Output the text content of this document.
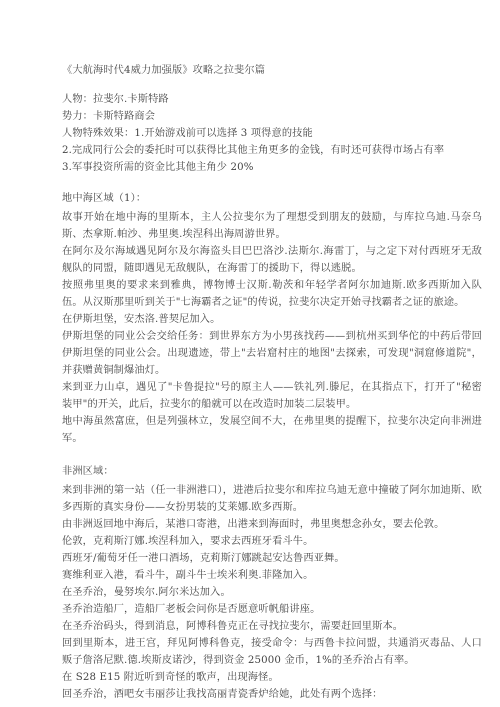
《大航海时代4威力加强版》攻略之拉斐尔篇

人物：拉斐尔.卡斯特路

势力：卡斯特路商会

人物特殊效果：1.开始游戏前可以选择 3 项得意的技能

2.完成同行公会的委托时可以获得比其他主角更多的金钱，有时还可获得市场占有率

3.军事投资所需的资金比其他主角少 20%

地中海区域（1）：

故事开始在地中海的里斯本，主人公拉斐尔为了理想受到朋友的鼓励，与库拉乌迪.马奈乌斯、杰拿斯.帕沙、弗里奥.埃涅科出海周游世界。

在阿尔及尔海域遇见阿尔及尔海盗头目巴巴洛沙.法斯尔.海雷丁，与之定下对付西班牙无敌舰队的同盟，随即遇见无敌舰队，在海雷丁的援助下，得以逃脱。

按照弗里奥的要求来到雅典，博物博士汉斯.勒茨和年轻学者阿尔加迪斯.欧多西斯加入队伍。从汉斯那里听到关于"七海霸者之证"的传说，拉斐尔决定开始寻找霸者之证的旅途。

在伊斯坦堡，安杰洛.普契尼加入。

伊斯坦堡的同业公会交给任务：到世界东方为小男孩找药——到杭州买到华佗的中药后带回伊斯坦堡的同业公会。出现遗迹，带上"去岩窟村庄的地图"去探索，可发现"洞窟修道院"，并获赠黄铜制爆油灯。

来到亚力山卓，遇见了"卡鲁提拉"号的原主人——铁礼列.滕尼，在其指点下，打开了"秘密装甲"的开关，此后，拉斐尔的船就可以在改造时加装二层装甲。

地中海虽然富庶，但是列强林立，发展空间不大，在弗里奥的提醒下，拉斐尔决定向非洲进军。

非洲区域：

来到非洲的第一站（任一非洲港口），进港后拉斐尔和库拉乌迪无意中撞破了阿尔加迪斯、欧多西斯的真实身份——女扮男装的艾莱娜.欧多西斯。

由非洲返回地中海后，某港口寄港，出港来到海面时，弗里奥想念孙女，要去伦敦。

伦敦，克莉斯汀娜.埃涅科加入，要求去西班牙看斗牛。

西班牙/葡萄牙任一港口酒场，克莉斯汀娜跳起安达鲁西亚舞。

赛维利亚入港，看斗牛，副斗牛士埃米利奥.菲隆加入。

在圣乔治，曼努埃尔.阿尔米达加入。

圣乔治造船厂，造船厂老板会问你是否愿意听帆船讲座。

在圣乔治码头，得到消息，阿博科鲁克正在寻找拉斐尔，需要赶回里斯本。

回到里斯本，进王宫，拜见阿博科鲁克，接受命令：与西鲁卡拉问盟，共通消灭毒品、人口贩子詹洛尼默.德.埃斯皮诺沙，得到资金 25000 金币，1%的圣乔治占有率。

在 S28 E15 附近听到奇怪的歌声，出现海怪。

回圣乔治，酒吧女韦丽莎让我找高丽青瓷香炉给她，此处有两个选择：
